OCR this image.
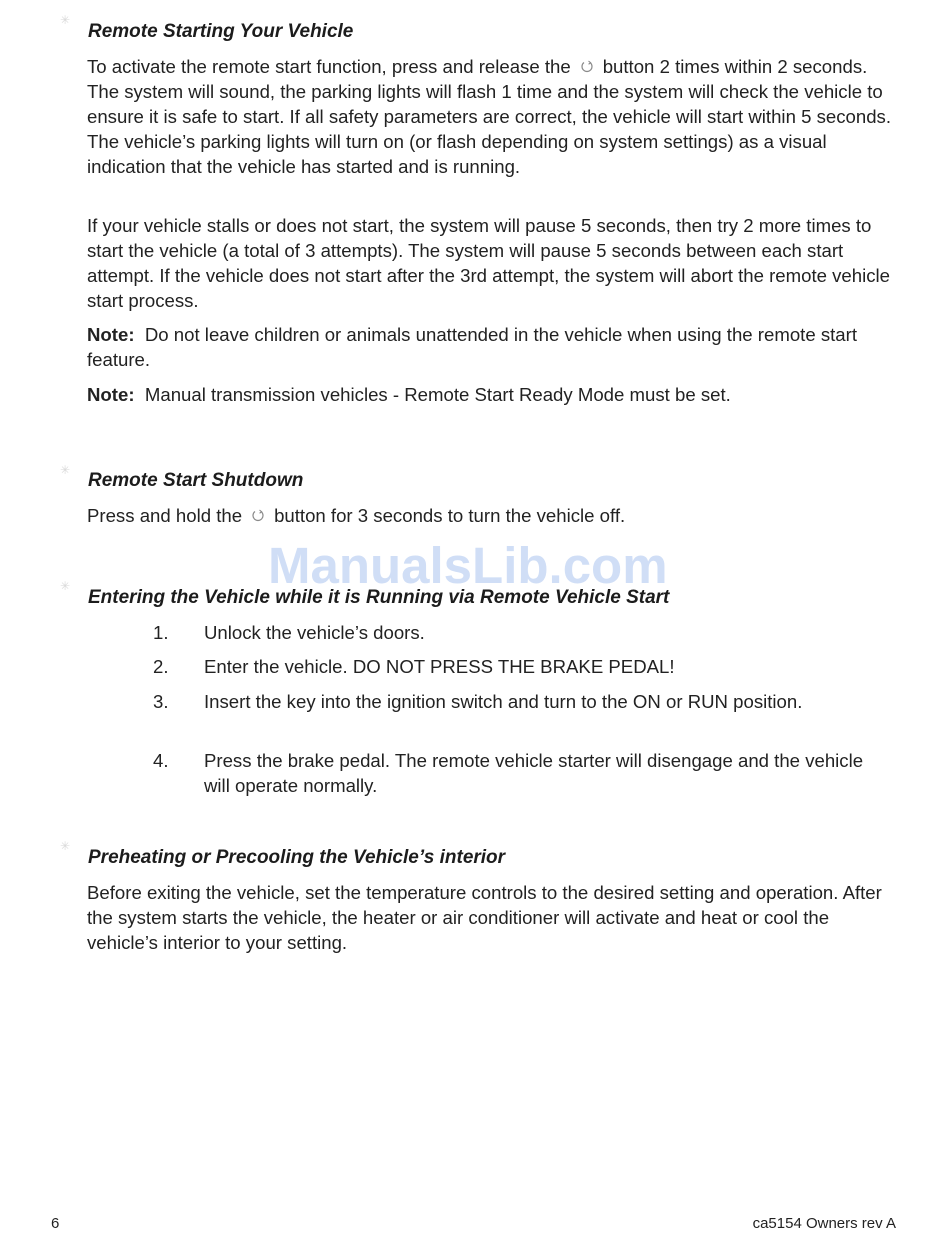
✳
Remote Starting Your Vehicle

To activate the remote start function, press and release the button 2 times within 2 seconds. The system will sound, the parking lights will flash 1 time and the system will check the vehicle to ensure it is safe to start. If all safety parameters are correct, the vehicle will start within 5 seconds. The vehicle’s parking lights will turn on (or flash depending on system settings) as a visual indication that the vehicle has started and is running.

If your vehicle stalls or does not start, the system will pause 5 seconds, then try 2 more times to start the vehicle (a total of 3 attempts). The system will pause 5 seconds between each start attempt. If the vehicle does not start after the 3rd attempt, the system will abort the remote vehicle start process.

Note: Do not leave children or animals unattended in the vehicle when using the remote start feature.

Note: Manual transmission vehicles - Remote Start Ready Mode must be set.

✳ Remote Start Shutdown

Press and hold the button for 3 seconds to turn the vehicle off.

ManualsLib.com
✳
Entering the Vehicle while it is Running via Remote Vehicle Start
1.	Unlock the vehicle’s doors.

2.	Enter the vehicle. DO NOT PRESS THE BRAKE PEDAL!

3.	Insert the key into the ignition switch and turn to the ON or RUN position.

4.	Press the brake pedal. The remote vehicle starter will disengage and the vehicle will operate normally.

✳
Preheating or Precooling the Vehicle’s interior

Before exiting the vehicle, set the temperature controls to the desired setting and operation. After the system starts the vehicle, the heater or air conditioner will activate and heat or cool the vehicle’s interior to your setting.

6	ca5154 Owners rev A
